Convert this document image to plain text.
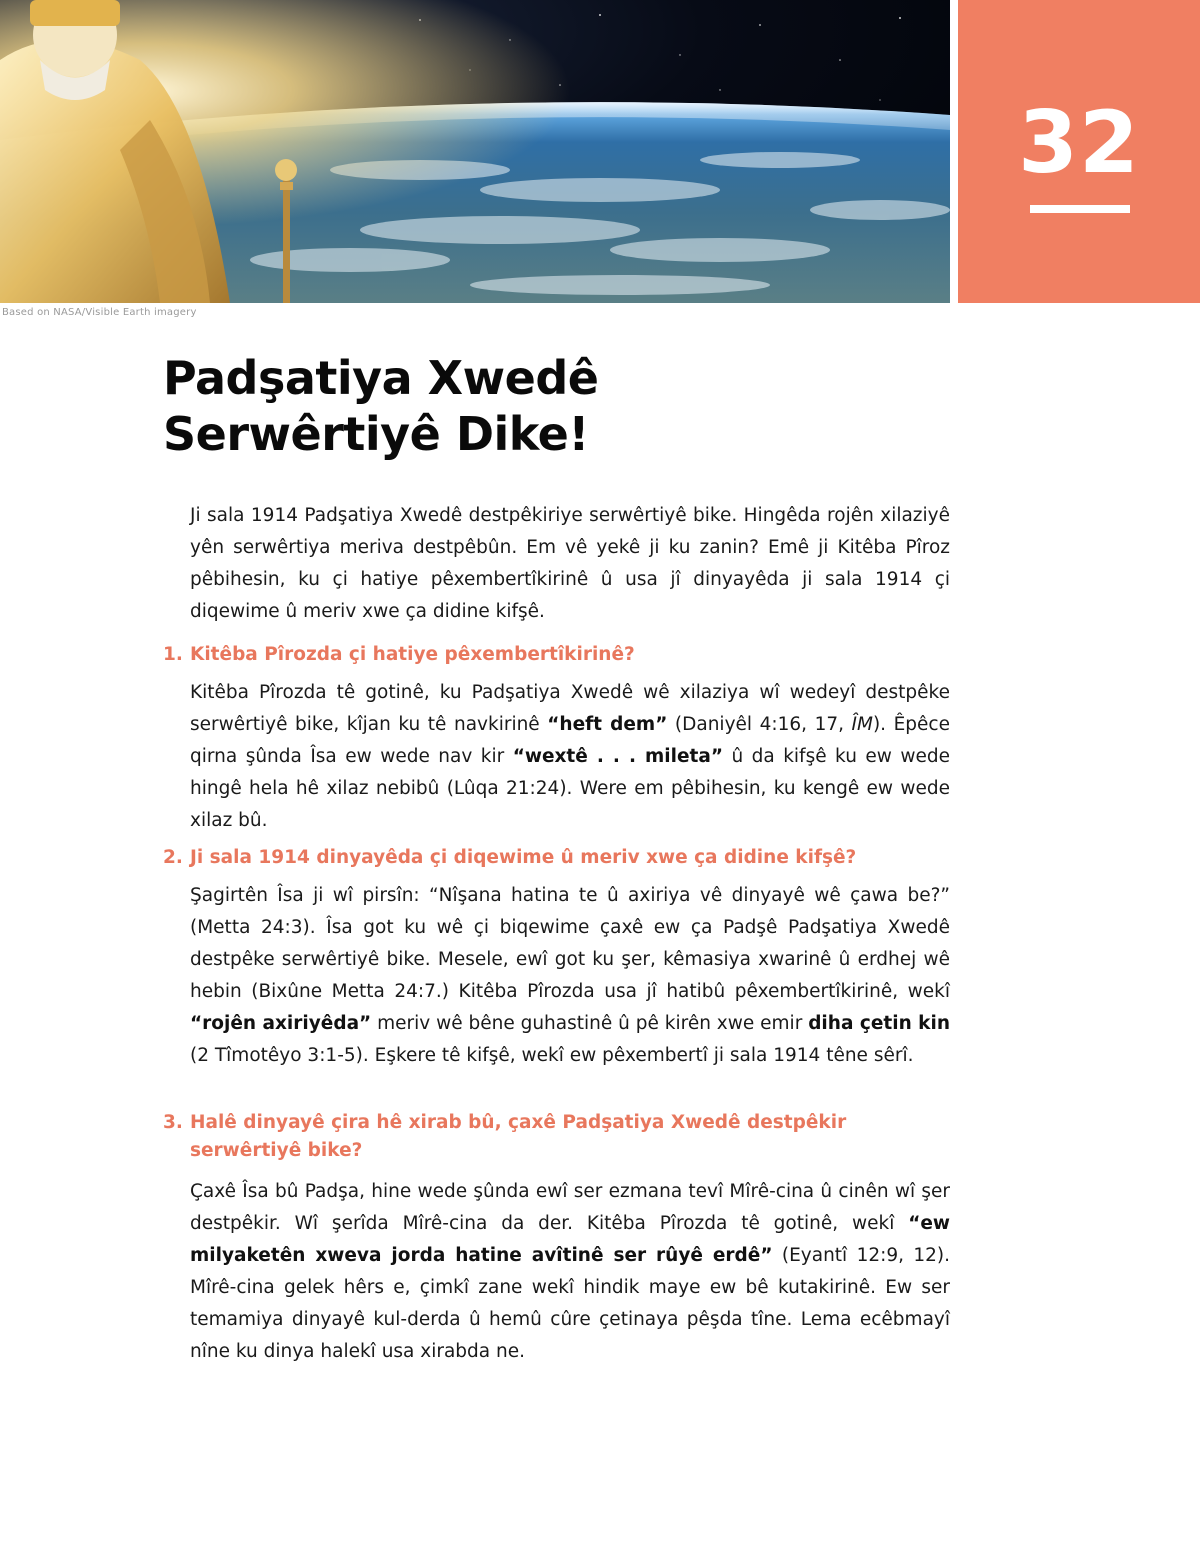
32
Based on NASA/Visible Earth imagery
Padşatiya Xwedê
Serwêrtiyê Dike!

Ji sala 1914 Padşatiya Xwedê destpêkiriye serwêrtiyê bike. Hingêda rojên xilaziyê yên serwêrtiya meriva destpêbûn. Em vê yekê ji ku zanin? Emê ji Kitêba Pîroz pêbihesin, ku çi hatiye pêxembertîkirinê û usa jî dinyayêda ji sala 1914 çi diqewime û meriv xwe ça didine kifşê.

1. Kitêba Pîrozda çi hatiye pêxembertîkirinê?

Kitêba Pîrozda tê gotinê, ku Padşatiya Xwedê wê xilaziya wî wedeyî destpêke serwêrtiyê bike, kîjan ku tê navkirinê “heft dem” (Daniyêl 4:16, 17, ÎM). Êpêce qirna şûnda Îsa ew wede nav kir “wextê . . . mileta” û da kifşê ku ew wede hingê hela hê xilaz nebibû (Lûqa 21:24). Were em pêbihesin, ku kengê ew wede xilaz bû.

2. Ji sala 1914 dinyayêda çi diqewime û meriv xwe ça didine kifşê?

Şagirtên Îsa ji wî pirsîn: “Nîşana hatina te û axiriya vê dinyayê wê çawa be?” (Metta 24:3). Îsa got ku wê çi biqewime çaxê ew ça Padşê Padşatiya Xwedê destpêke serwêrtiyê bike. Mesele, ewî got ku şer, kêmasiya xwarinê û erdhej wê hebin (Bixûne Metta 24:7.) Kitêba Pîrozda usa jî hatibû pêxembertîkirinê, wekî “rojên axiriyêda” meriv wê bêne guhastinê û pê kirên xwe emir diha çetin kin (2 Tîmotêyo 3:1-5). Eşkere tê kifşê, wekî ew pêxembertî ji sala 1914 têne sêrî.

3. Halê dinyayê çira hê xirab bû, çaxê Padşatiya Xwedê destpêkir
serwêrtiyê bike?

Çaxê Îsa bû Padşa, hine wede şûnda ewî ser ezmana tevî Mîrê-cina û cinên wî şer destpêkir. Wî şerîda Mîrê-cina da der. Kitêba Pîrozda tê gotinê, wekî “ew milyaketên xweva jorda hatine avîtinê ser rûyê erdê” (Eyantî 12:9, 12). Mîrê-cina gelek hêrs e, çimkî zane wekî hindik maye ew bê kutakirinê. Ew ser temamiya dinyayê kul-derda û hemû cûre çetinaya pêşda tîne. Lema ecêbmayî nîne ku dinya halekî usa xirabda ne.
